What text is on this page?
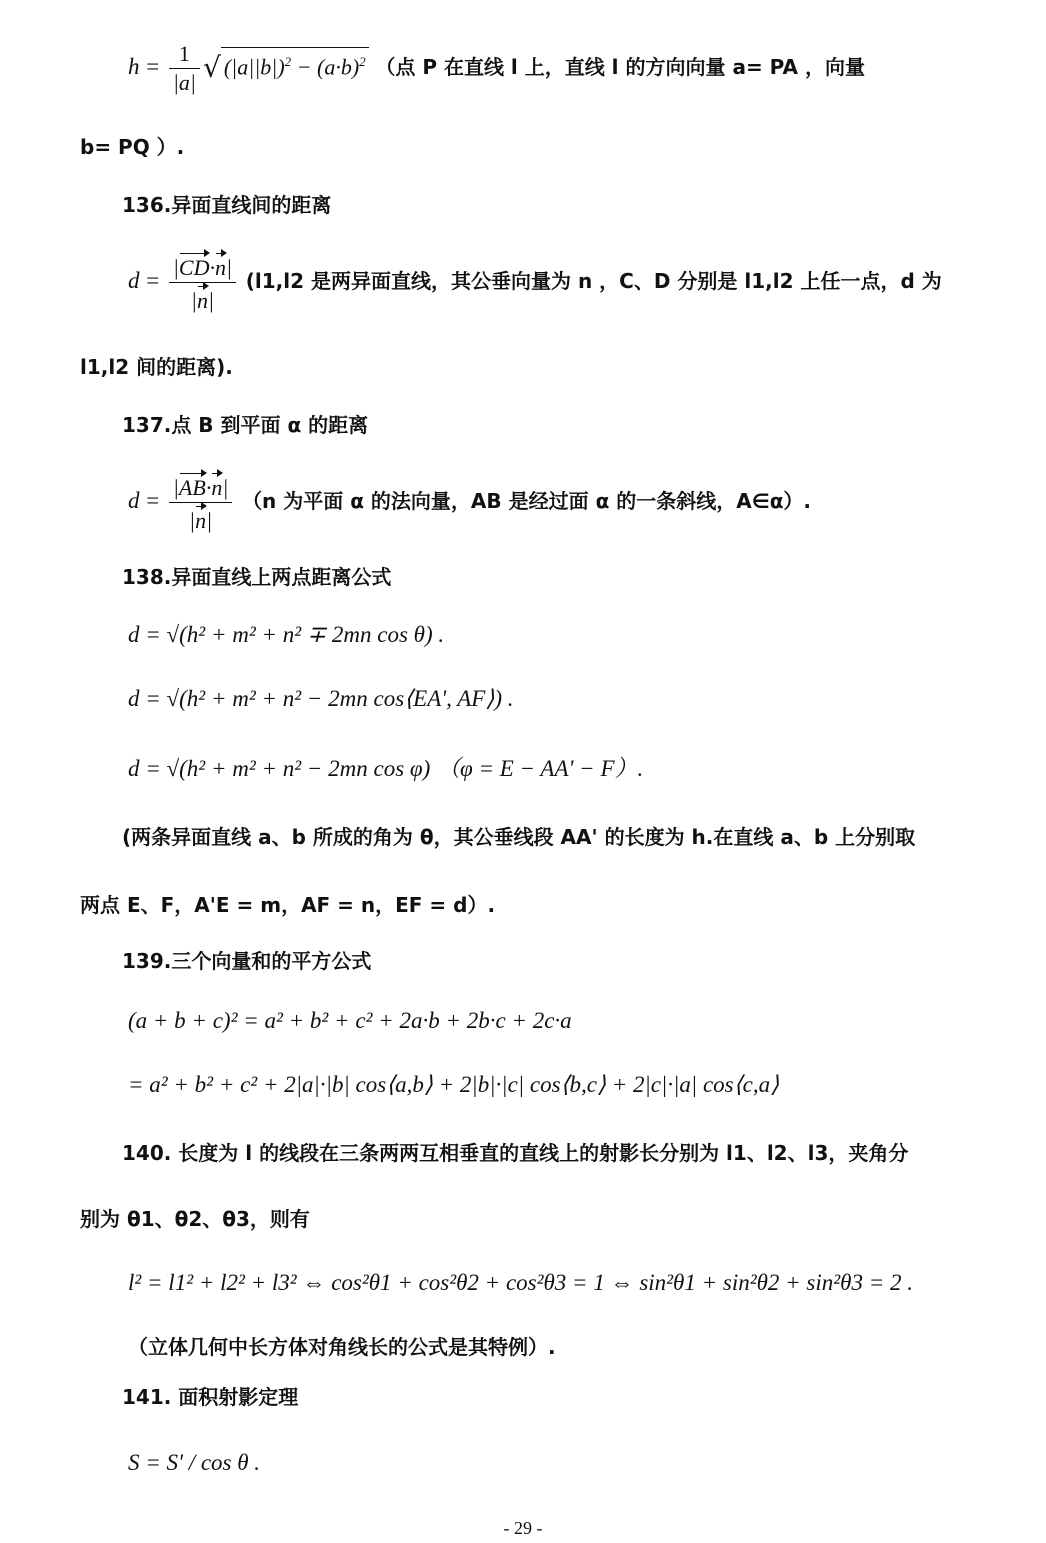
$h = \frac{1}{|a|}$ √ $(|a||b|)^2 - (a\cdot b)^2$ （点 P 在直线 l 上，直线 l 的方向向量 a= PA ，向量
b= PQ ）.
136.异面直线间的距离
$d = \frac{|CD\cdot n|}{|n|} (l1,l2$ 是两异面直线，其公垂向量为 n ，C、D 分别是 l1,l2 上任一点，d 为
l1,l2 间的距离).
137.点 B 到平面 α 的距离
$d = \frac{|AB\cdot n|}{|n|} (n$ 为平面 α 的法向量，AB 是经过面 α 的一条斜线，A∈α）.
138.异面直线上两点距离公式
d = √(h² + m² + n² ∓ 2mn cos θ) .
d = √(h² + m² + n² − 2mn cos⟨EA', AF⟩) .
d = √(h² + m² + n² − 2mn cos φ) （φ = E − AA' − F）.
(两条异面直线 a、b 所成的角为 θ，其公垂线段 AA' 的长度为 h.在直线 a、b 上分别取
两点 E、F，A'E = m，AF = n，EF = d）.
139.三个向量和的平方公式
(a + b + c)² = a² + b² + c² + 2a·b + 2b·c + 2c·a
= a² + b² + c² + 2|a|·|b| cos⟨a,b⟩ + 2|b|·|c| cos⟨b,c⟩ + 2|c|·|a| cos⟨c,a⟩
140. 长度为 l 的线段在三条两两互相垂直的直线上的射影长分别为 l1、l2、l3，夹角分
别为 θ1、θ2、θ3，则有
l² = l1² + l2² + l3² ⇔ cos²θ1 + cos²θ2 + cos²θ3 = 1 ⇔ sin²θ1 + sin²θ2 + sin²θ3 = 2 .
（立体几何中长方体对角线长的公式是其特例）.
141. 面积射影定理
S = S' / cos θ .
- 29 -
